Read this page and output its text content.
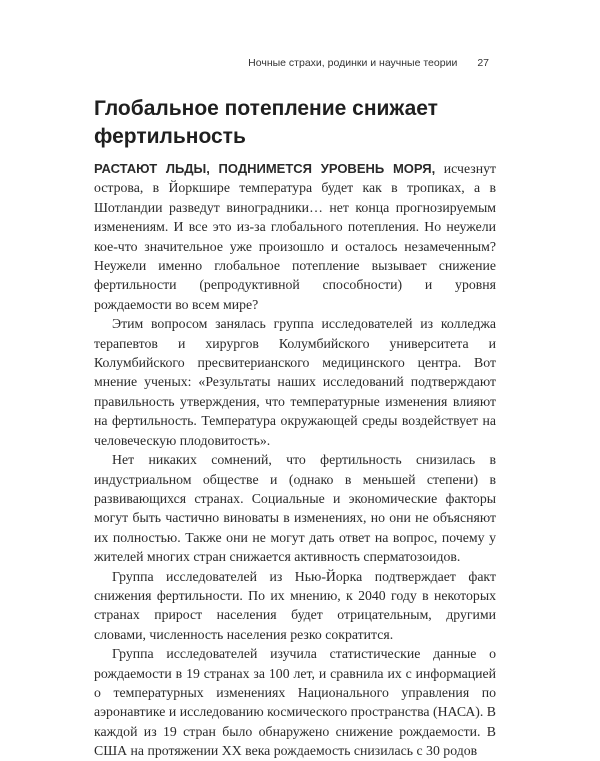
Ночные страхи, родинки и научные теории 27
Глобальное потепление снижает фертильность

РАСТАЮТ ЛЬДЫ, ПОДНИМЕТСЯ УРОВЕНЬ МОРЯ, исчезнут острова, в Йоркшире температура будет как в тропиках, а в Шотландии разведут виноградники… нет конца прогнозируемым изменениям. И все это из-за глобального потепления. Но неужели кое-что значительное уже произошло и осталось незамеченным? Неужели именно глобальное потепление вызывает снижение фертильности (репродуктивной способности) и уровня рождаемости во всем мире?

Этим вопросом занялась группа исследователей из колледжа терапевтов и хирургов Колумбийского университета и Колумбийского пресвитерианского медицинского центра. Вот мнение ученых: «Результаты наших исследований подтверждают правильность утверждения, что температурные изменения влияют на фертильность. Температура окружающей среды воздействует на человеческую плодовитость».

Нет никаких сомнений, что фертильность снизилась в индустриальном обществе и (однако в меньшей степени) в развивающихся странах. Социальные и экономические факторы могут быть частично виноваты в изменениях, но они не объясняют их полностью. Также они не могут дать ответ на вопрос, почему у жителей многих стран снижается активность сперматозоидов.

Группа исследователей из Нью-Йорка подтверждает факт снижения фертильности. По их мнению, к 2040 году в некоторых странах прирост населения будет отрицательным, другими словами, численность населения резко сократится.

Группа исследователей изучила статистические данные о рождаемости в 19 странах за 100 лет, и сравнила их с информацией о температурных изменениях Национального управления по аэронавтике и исследованию космического пространства (НАСА). В каждой из 19 стран было обнаружено снижение рождаемости. В США на протяжении XX века рождаемость снизилась с 30 родов
